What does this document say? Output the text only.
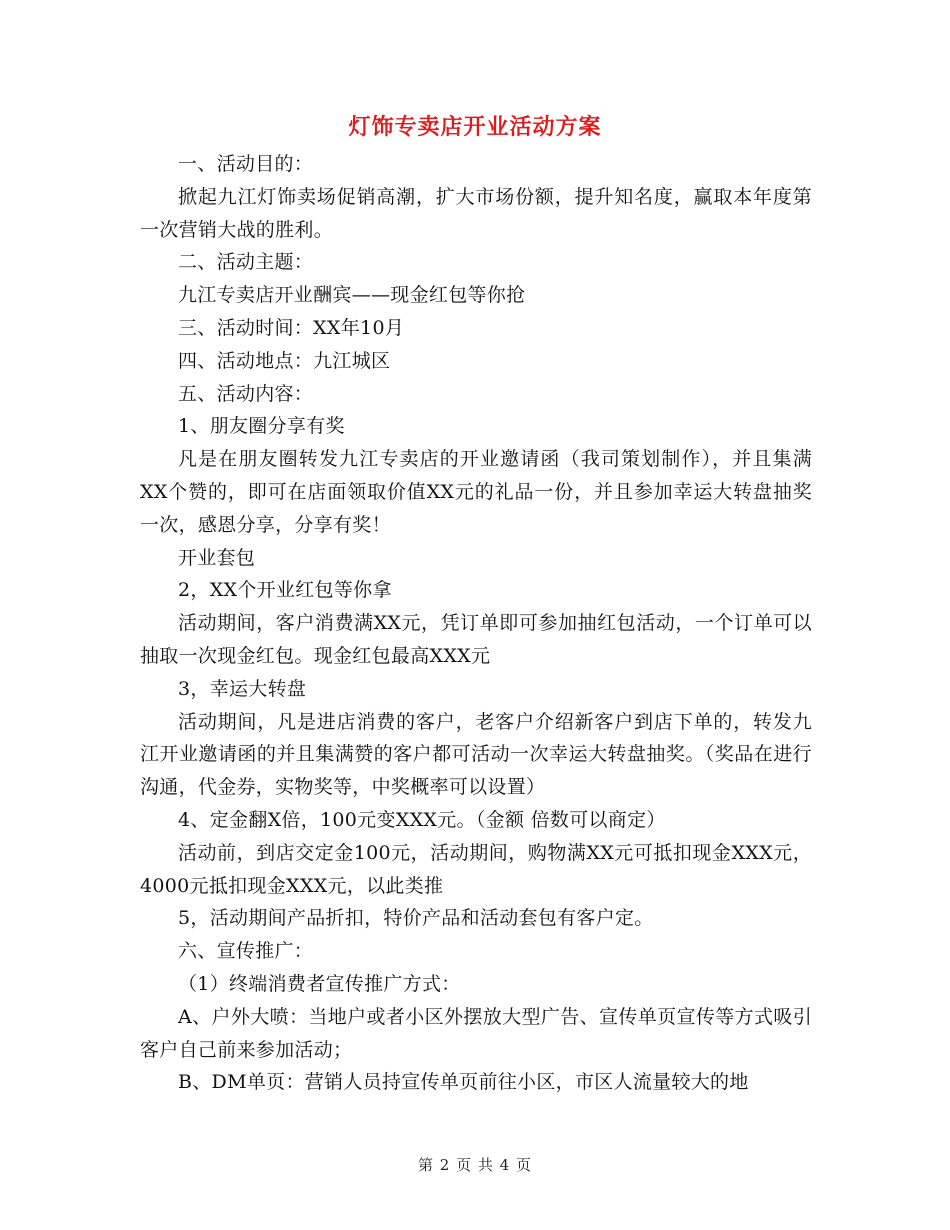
灯饰专卖店开业活动方案

一、活动目的：

掀起九江灯饰卖场促销高潮，扩大市场份额，提升知名度，赢取本年度第一次营销大战的胜利。

二、活动主题：

九江专卖店开业酬宾——现金红包等你抢

三、活动时间：XX年10月

四、活动地点：九江城区

五、活动内容：

1、朋友圈分享有奖

凡是在朋友圈转发九江专卖店的开业邀请函（我司策划制作），并且集满XX个赞的，即可在店面领取价值XX元的礼品一份，并且参加幸运大转盘抽奖一次，感恩分享，分享有奖！

开业套包

2，XX个开业红包等你拿

活动期间，客户消费满XX元，凭订单即可参加抽红包活动，一个订单可以抽取一次现金红包。现金红包最高XXX元

3，幸运大转盘

活动期间，凡是进店消费的客户，老客户介绍新客户到店下单的，转发九江开业邀请函的并且集满赞的客户都可活动一次幸运大转盘抽奖。（奖品在进行沟通，代金券，实物奖等，中奖概率可以设置）

4、定金翻X倍，100元变XXX元。（金额 倍数可以商定）

活动前，到店交定金100元，活动期间，购物满XX元可抵扣现金XXX元，4000元抵扣现金XXX元，以此类推

5，活动期间产品折扣，特价产品和活动套包有客户定。

六、宣传推广：

（1）终端消费者宣传推广方式：

A、户外大喷：当地户或者小区外摆放大型广告、宣传单页宣传等方式吸引客户自己前来参加活动；

B、DM单页：营销人员持宣传单页前往小区，市区人流量较大的地

第 2 页 共 4 页
